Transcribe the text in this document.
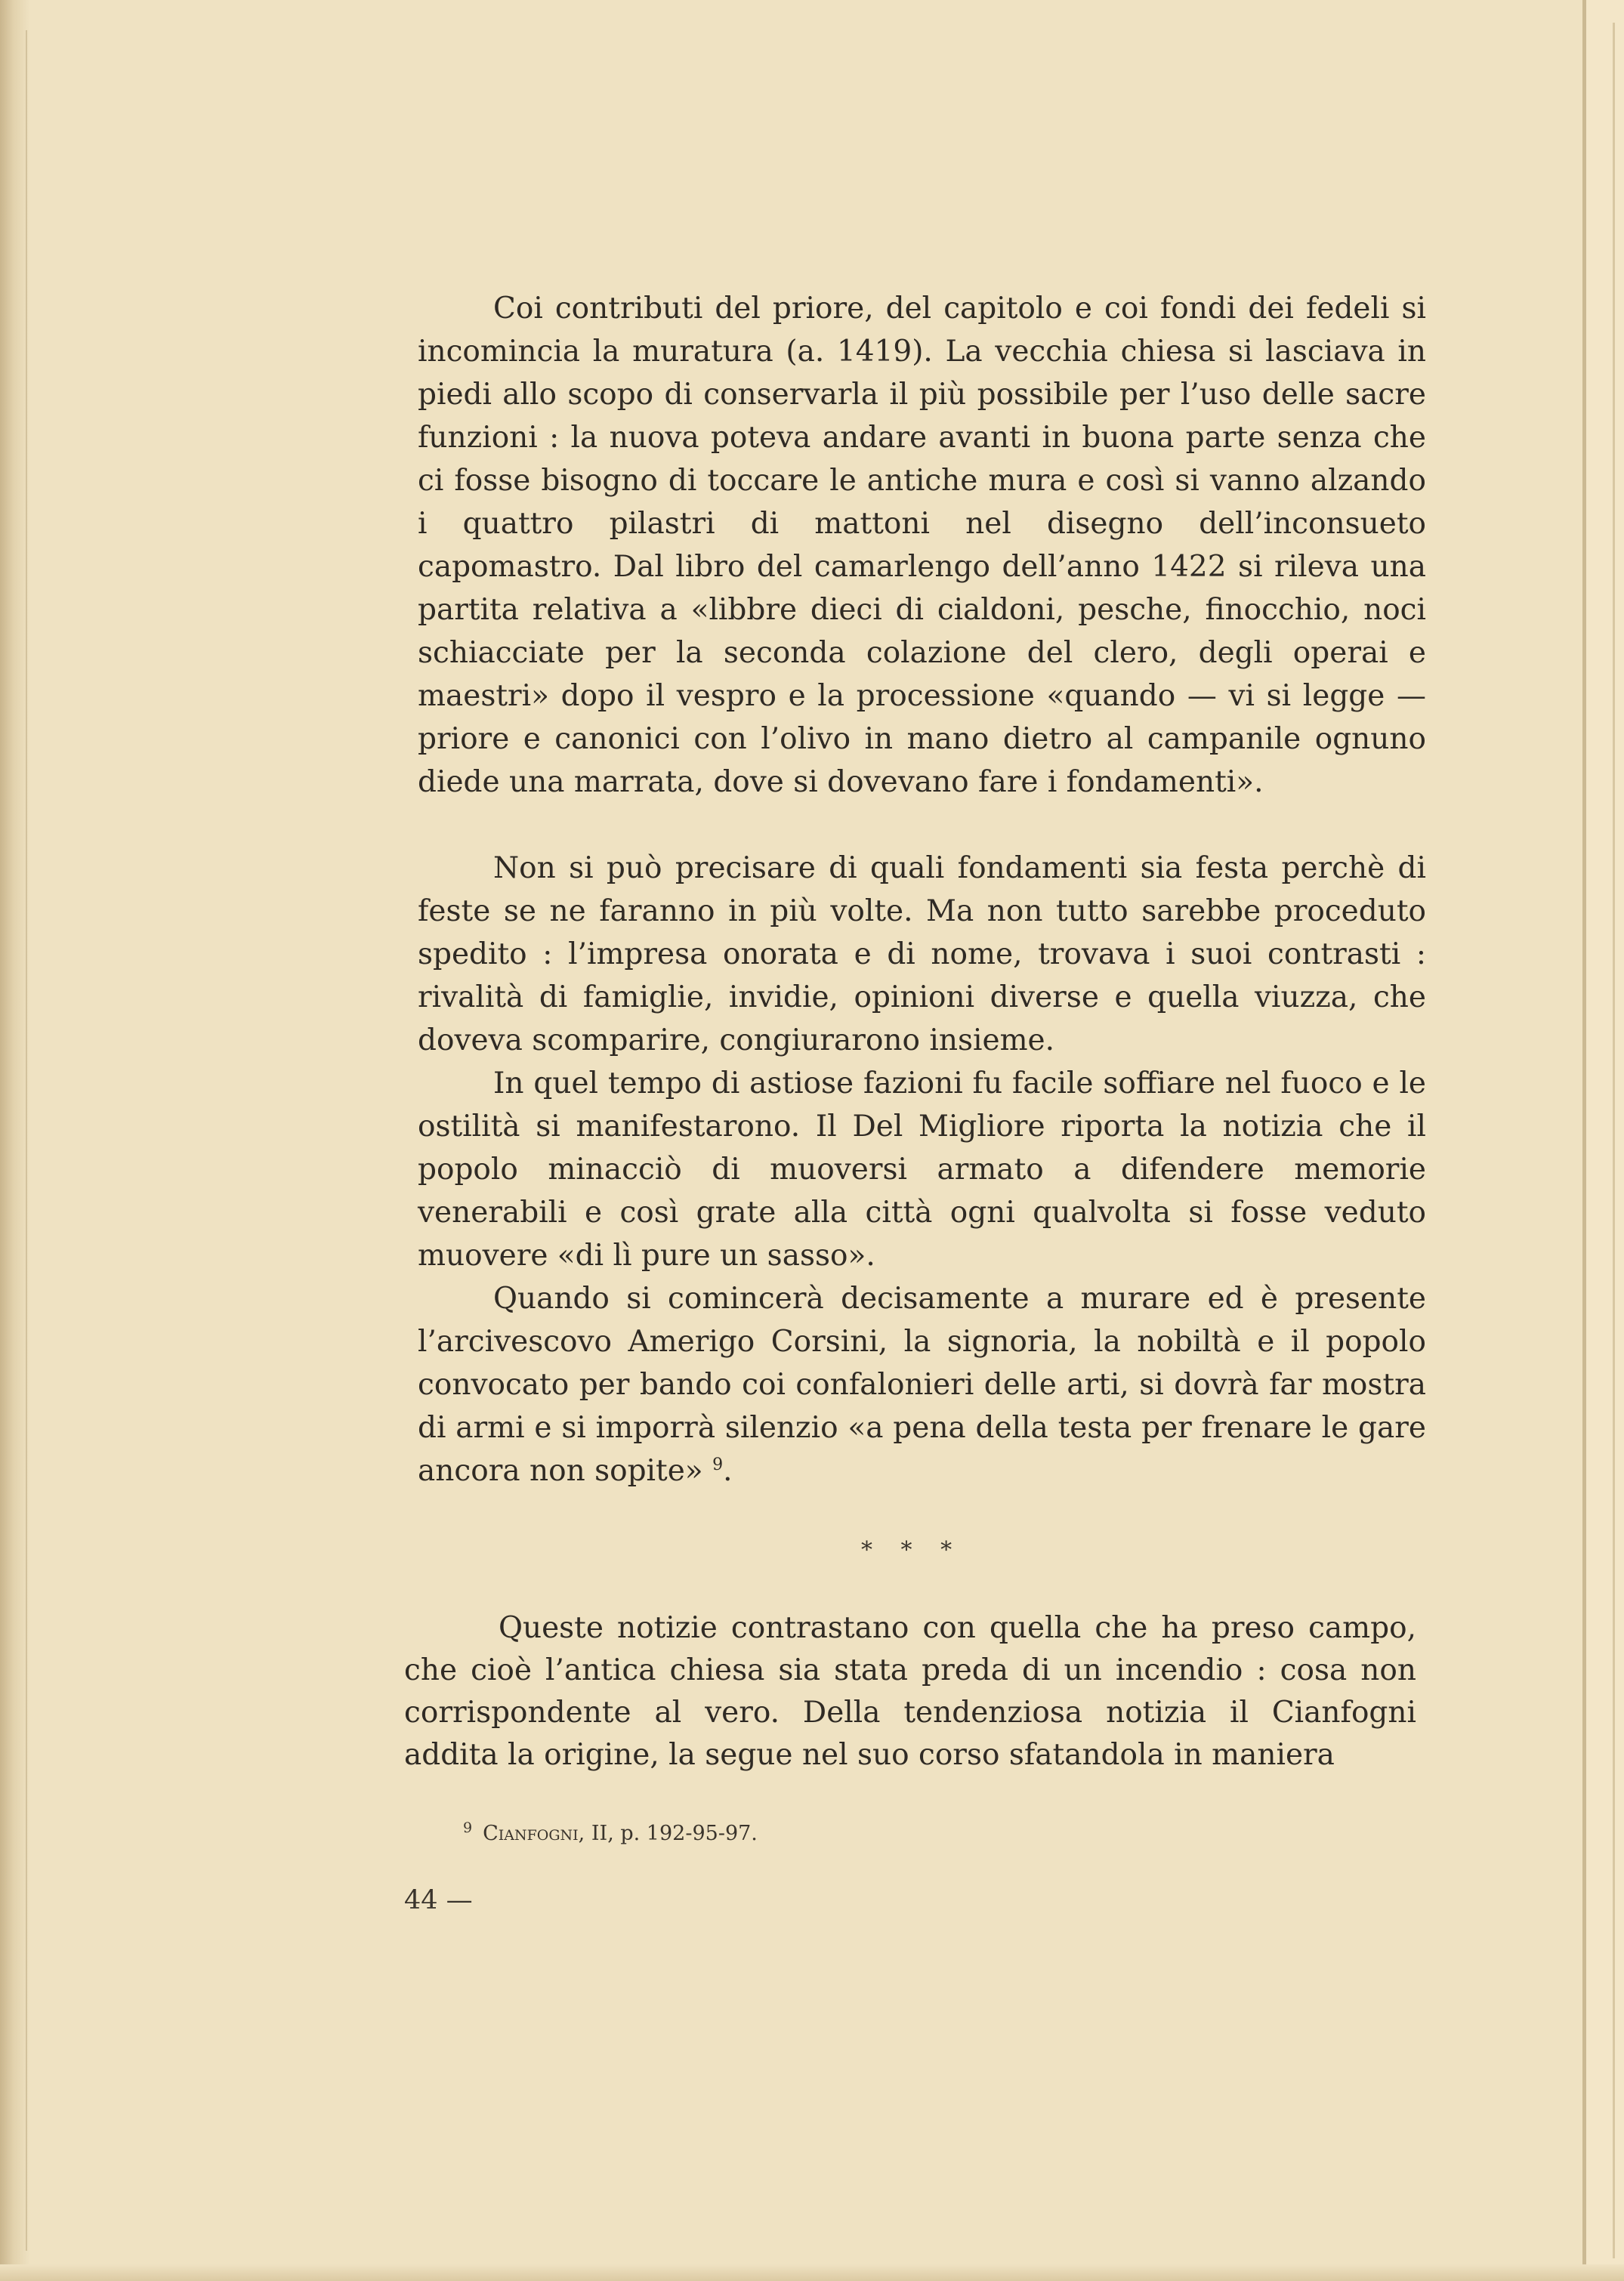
Coi contributi del priore, del capitolo e coi fondi dei fedeli si incomincia la muratura (a. 1419). La vecchia chiesa si lasciava in piedi allo scopo di conservarla il più possibile per l’uso delle sacre funzioni : la nuova poteva andare avanti in buona parte senza che ci fosse bisogno di toccare le antiche mura e così si vanno alzando i quattro pilastri di mattoni nel disegno dell’inconsueto capomastro. Dal libro del camarlengo dell’anno 1422 si rileva una partita relativa a «libbre dieci di cialdoni, pesche, finocchio, noci schiacciate per la seconda colazione del clero, degli operai e maestri» dopo il vespro e la processione «quando — vi si legge — priore e canonici con l’olivo in mano dietro al campanile ognuno diede una marrata, dove si dovevano fare i fondamenti».

Non si può precisare di quali fondamenti sia festa perchè di feste se ne faranno in più volte. Ma non tutto sarebbe proceduto spedito : l’impresa onorata e di nome, trovava i suoi contrasti : rivalità di famiglie, invidie, opinioni diverse e quella viuzza, che doveva scomparire, congiurarono insieme.

In quel tempo di astiose fazioni fu facile soffiare nel fuoco e le ostilità si manifestarono. Il Del Migliore riporta la notizia che il popolo minacciò di muoversi armato a difendere memorie venerabili e così grate alla città ogni qualvolta si fosse veduto muovere «di lì pure un sasso».

Quando si comincerà decisamente a murare ed è presente l’arcivescovo Amerigo Corsini, la signoria, la nobiltà e il popolo convocato per bando coi confalonieri delle arti, si dovrà far mostra di armi e si imporrà silenzio «a pena della testa per frenare le gare ancora non sopite» $^9$.

* * *

Queste notizie contrastano con quella che ha preso campo, che cioè l’antica chiesa sia stata preda di un incendio : cosa non corrispondente al vero. Della tendenziosa notizia il Cianfogni addita la origine, la segue nel suo corso sfatandola in maniera

$^9$ Cianfogni, II, p. 192-95-97.
44 —
